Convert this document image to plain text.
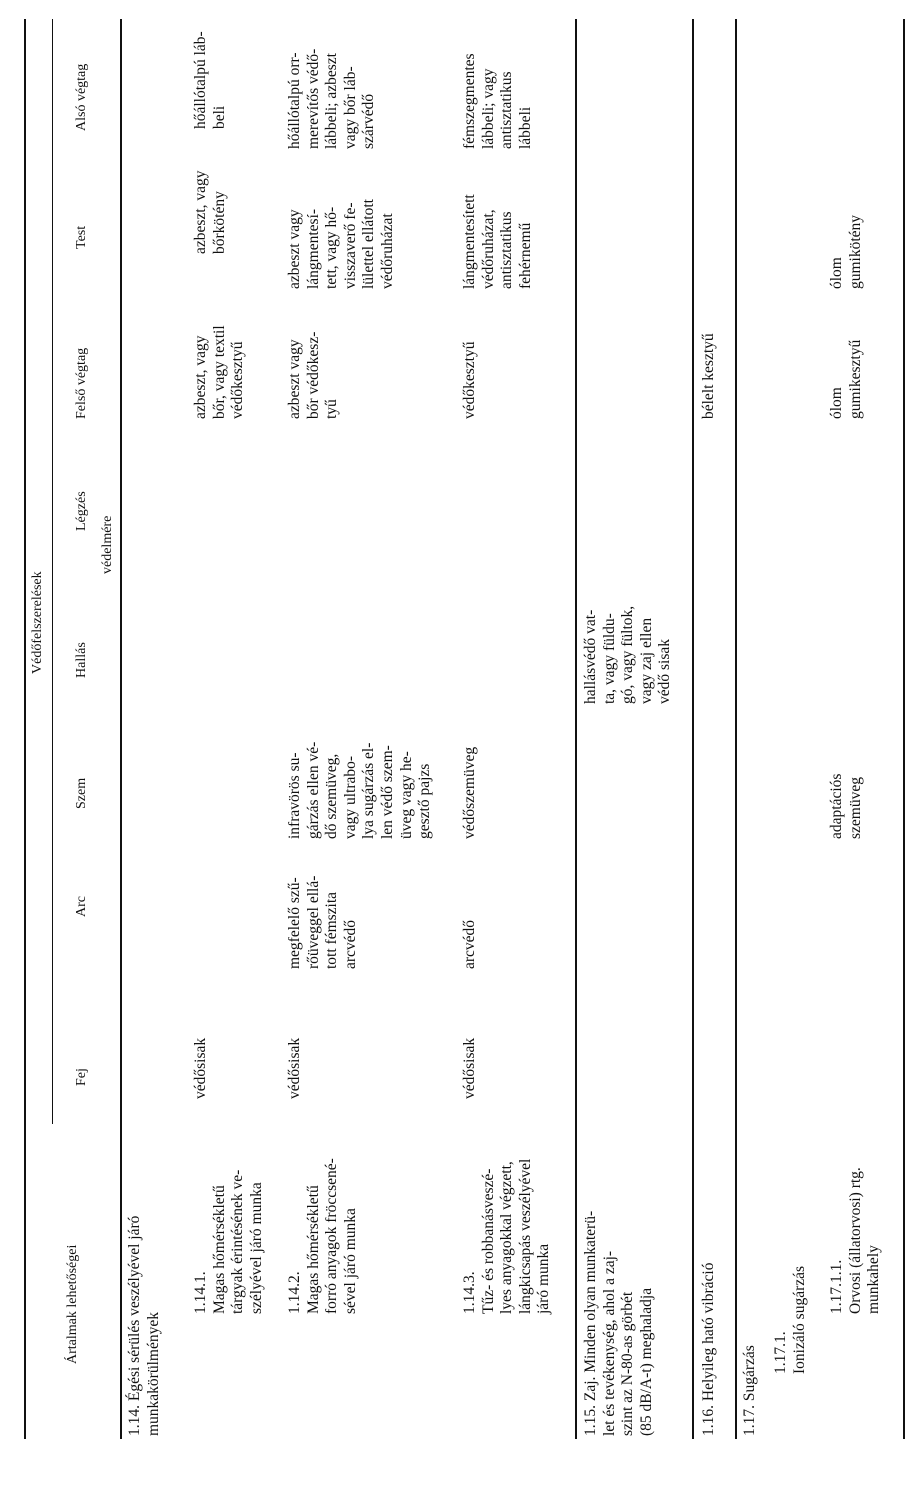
Ártalmak lehetőségei
Védőfelszerelések
Fej
Arc
Szem
Hallás
Légzés
Felső végtag
Test
Alsó végtag
védelmére
1.14. Égési sérülés veszélyével járó
munkakörülmények
1.14.1.
Magas hőmérsékletű
tárgyak érintésének ve-
szélyével járó munka
védősisak
azbeszt, vagy
bőr, vagy textil
védőkesztyű
azbeszt, vagy
bőrkötény
hőállótalpú láb-
beli
1.14.2.
Magas hőmérsékletű
forró anyagok fröccsené-
sével járó munka
védősisak
megfelelő szű-
rőüveggel ellá-
tott fémszita
arcvédő
infravörös su-
gárzás ellen vé-
dő szemüveg,
vagy ultrabo-
lya sugárzás el-
len védő szem-
üveg vagy he-
gesztő pajzs
azbeszt vagy
bőr védőkesz-
tyű
azbeszt vagy
lángmentesí-
tett, vagy hő-
visszaverő fe-
lülettel ellátott
védőruházat
hőállótalpú orr-
merevítős védő-
lábbeli; azbeszt
vagy bőr láb-
szárvédő
1.14.3.
Tűz- és robbanásveszé-
lyes anyagokkal végzett,
lángkicsapás veszélyével
járó munka
védősisak
arcvédő
védőszemüveg
védőkesztyű
lángmentesített
védőruházat,
antisztatikus
fehérnemű
fémszegmentes
lábbeli; vagy
antisztatikus
lábbeli
1.15. Zaj. Minden olyan munkaterü-
let és tevékenység, ahol a zaj-
szint az N-80-as görbét
(85 dB/A-t) meghaladja
hallásvédő vat-
ta, vagy füldu-
gó, vagy fültok,
vagy zaj ellen
védő sisak
1.16. Helyileg ható vibráció
bélelt kesztyű
1.17. Sugárzás 1.17.1.
Ionizáló sugárzás 1.17.1.1.
Orvosi (állatorvosi) rtg.
munkahely
adaptációs
szemüveg
ólom
gumikesztyű
ólom
gumikötény
